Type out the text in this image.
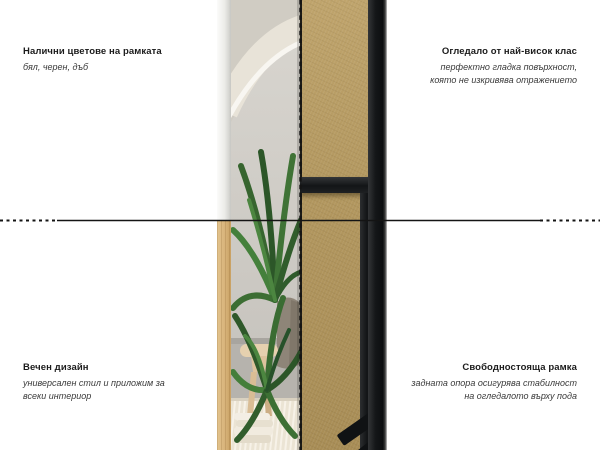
Налични цветове на рамката
бял, черен, дъб
Огледало от най-висок клас
перфектно гладка повърхност,
която не изкривява отражението
Вечен дизайн
универсален стил и приложим за
всеки интериор
Свободностояща рамка
задната опора осигурява стабилност
на огледалото върху пода
